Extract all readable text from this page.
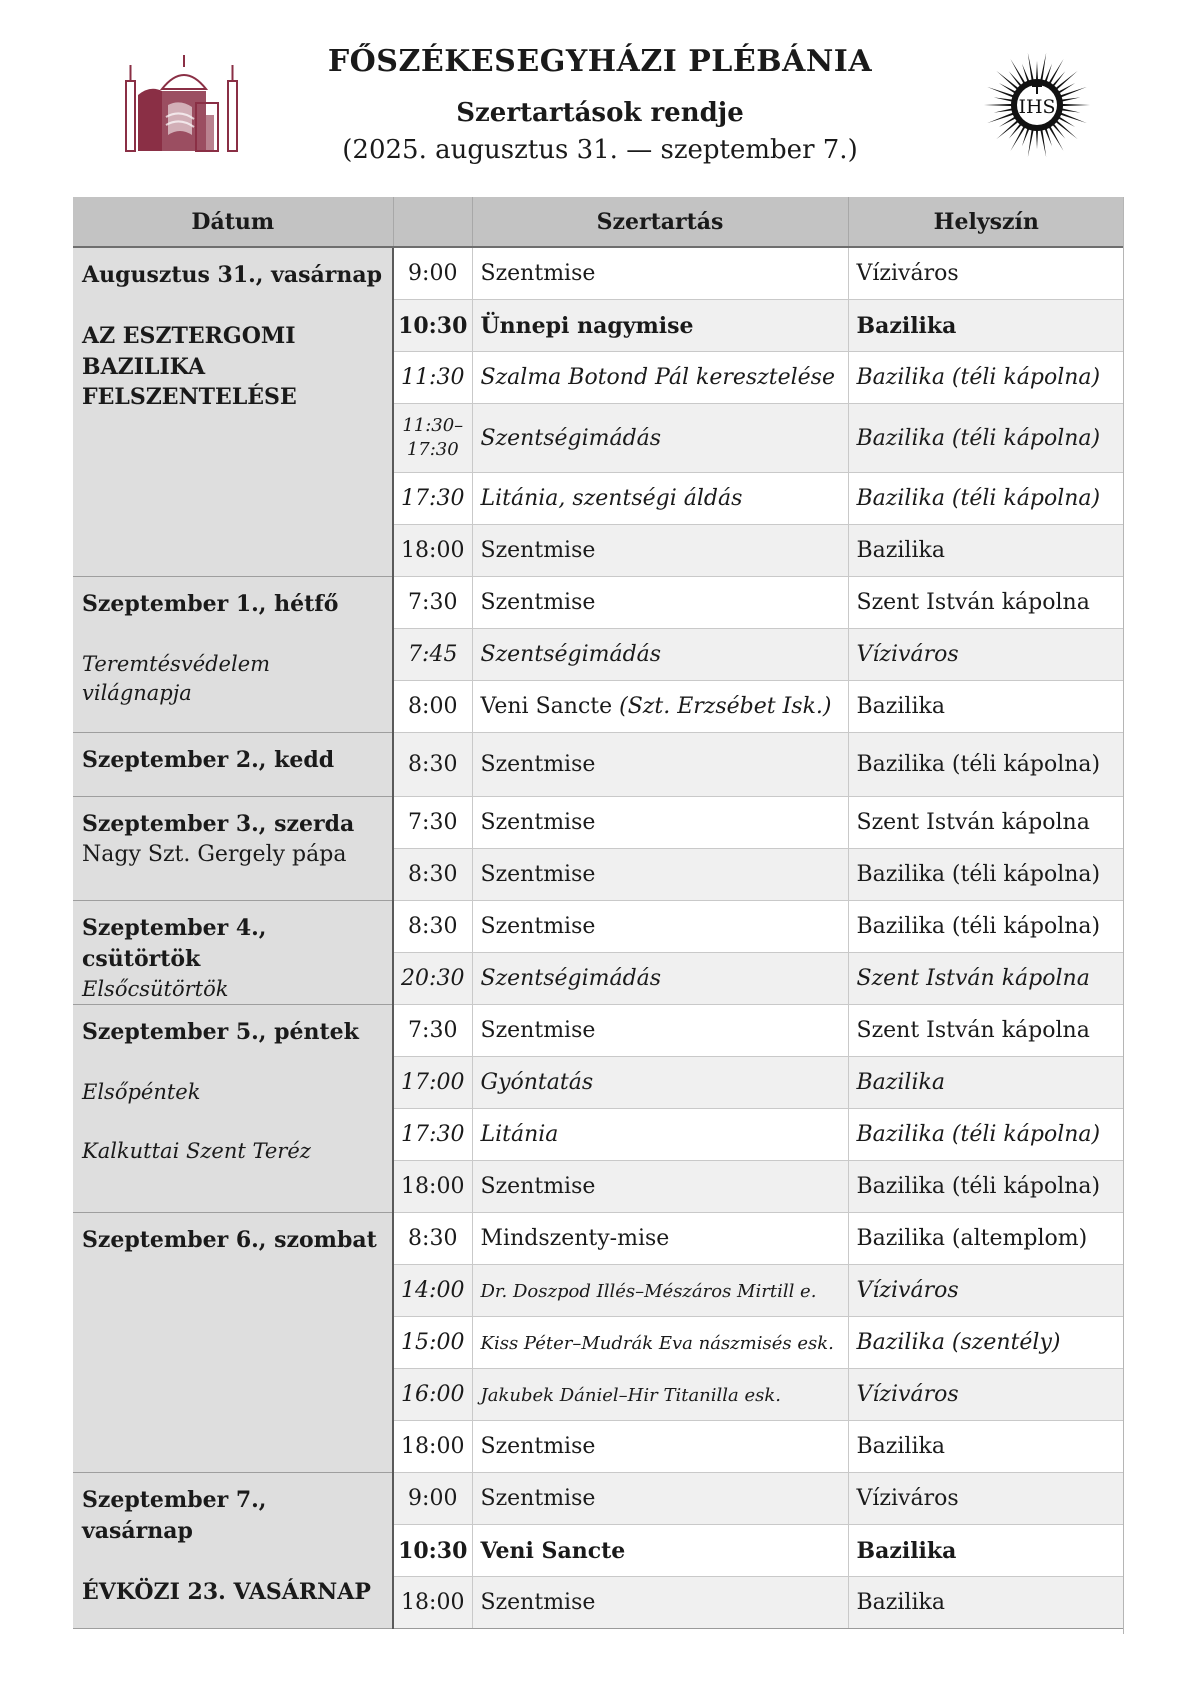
IHS
FŐSZÉKESEGYHÁZI PLÉBÁNIA
Szertartások rendje
(2025. augusztus 31. — szeptember 7.)
Dátum		Szertartás	Helyszín

Augusztus 31., vasárnap
AZ ESZTERGOMI BAZILIKA FELSZENTELÉSE	9:00	Szentmise	Víziváros
	10:30	Ünnepi nagymise	Bazilika
	11:30	Szalma Botond Pál keresztelése	Bazilika (téli kápolna)
	11:30–17:30	Szentségimádás	Bazilika (téli kápolna)
	17:30	Litánia, szentségi áldás	Bazilika (téli kápolna)
	18:00	Szentmise	Bazilika

Szeptember 1., hétfő
Teremtésvédelem világnapja	7:30	Szentmise	Szent István kápolna
	7:45	Szentségimádás	Víziváros
	8:00	Veni Sancte (Szt. Erzsébet Isk.)	Bazilika

Szeptember 2., kedd	8:30	Szentmise	Bazilika (téli kápolna)

Szeptember 3., szerda
Nagy Szt. Gergely pápa	7:30	Szentmise	Szent István kápolna
	8:30	Szentmise	Bazilika (téli kápolna)

Szeptember 4., csütörtök
Elsőcsütörtök	8:30	Szentmise	Bazilika (téli kápolna)
	20:30	Szentségimádás	Szent István kápolna

Szeptember 5., péntek
Elsőpéntek
Kalkuttai Szent Teréz	7:30	Szentmise	Szent István kápolna
	17:00	Gyóntatás	Bazilika
	17:30	Litánia	Bazilika (téli kápolna)
	18:00	Szentmise	Bazilika (téli kápolna)

Szeptember 6., szombat	8:30	Mindszenty-mise	Bazilika (altemplom)
	14:00	Dr. Doszpod Illés–Mészáros Mirtill e.	Víziváros
	15:00	Kiss Péter–Mudrák Eva nászmisés esk.	Bazilika (szentély)
	16:00	Jakubek Dániel–Hir Titanilla esk.	Víziváros
	18:00	Szentmise	Bazilika

Szeptember 7., vasárnap
ÉVKÖZI 23. VASÁRNAP	9:00	Szentmise	Víziváros
	10:30	Veni Sancte	Bazilika
	18:00	Szentmise	Bazilika
